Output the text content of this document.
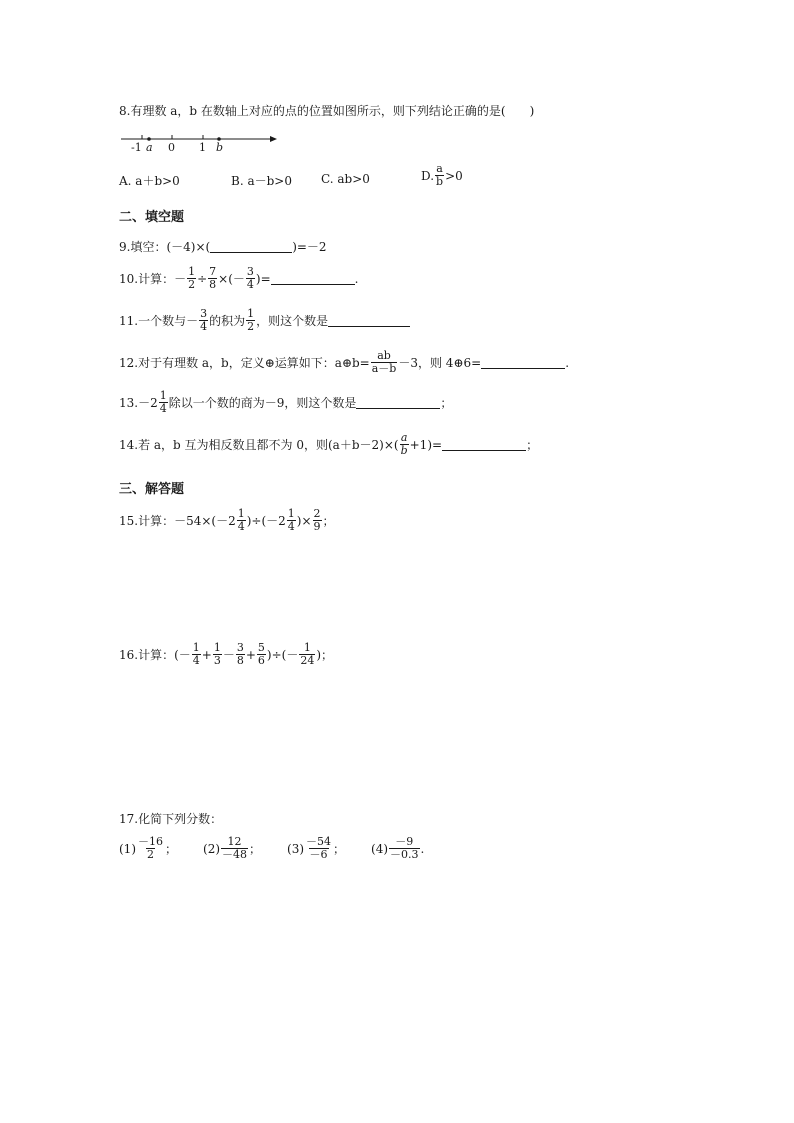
8.有理数 a，b 在数轴上对应的点的位置如图所示，则下列结论正确的是(　　)
-1 a 0 1 b
A. a＋b>0	B. a－b>0 C. ab>0	D. $\frac{a}{b} >0$
二、填空题
9.填空：(－4)×(	)=－2
10.计算：－ $\frac{1}{2} \div \frac{7}{8}$ ×(－ $\frac{3}{4}$ )=	.
11.一个数与－ $\frac{3}{4}$ 的积为 $\frac{1}{2}$ ，则这个数是
12.对于有理数 a，b，定义⊕运算如下：a⊕b= $\frac{ab}{a-b} -3$，则 4⊕6=	.
$13.-2 \frac{1}{4}$ 除以一个数的商为－9，则这个数是	；
14.若 a，b 互为相反数且都不为 0，则$(a+b-2)\times( \frac{a}{b} +1)=$	；
三、解答题
15.计算：$-54\times(-2 \frac{1}{4} )\div(-2 \frac{1}{4}$ )× $\frac{2}{9}$ ；
16.计算：(－ $\frac{1}{4} + \frac{1}{3} - \frac{3}{8} + \frac{5}{6}$ )÷(－ $\frac{1}{24}$ )；
17.化简下列分数：
$(1) \frac{-16}{2}$ ； $(2) \frac{12}{-48}$ ； $(3) \frac{-54}{-6}$ ； $(4) \frac{-9}{-0.3}$ .
